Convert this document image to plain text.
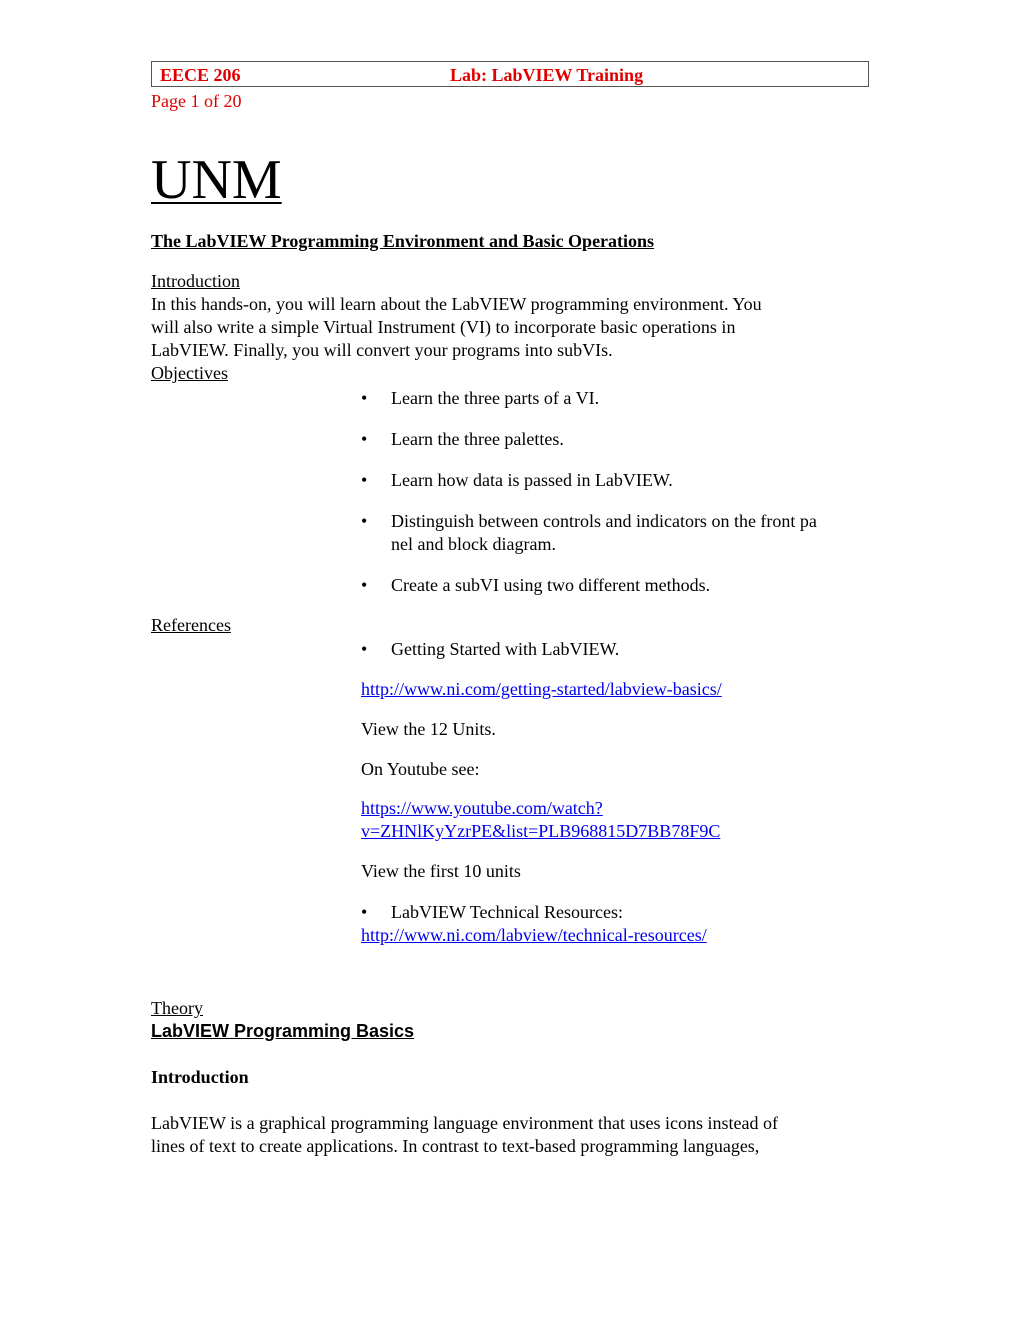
EECE 206	Lab: LabVIEW Training
Page 1 of 20
UNM
The LabVIEW Programming Environment and Basic Operations
Introduction
In this hands-on, you will learn about the LabVIEW programming environment. You
will also write a simple Virtual Instrument (VI) to incorporate basic operations in
LabVIEW. Finally, you will convert your programs into subVIs.
Objectives
• Learn the three parts of a VI.
• Learn the three palettes.
• Learn how data is passed in LabVIEW.
• Distinguish between controls and indicators on the front pa
nel and block diagram.
• Create a subVI using two different methods.
References
• Getting Started with LabVIEW.
http://www.ni.com/getting-started/labview-basics/
View the 12 Units.
On Youtube see:
https://www.youtube.com/watch?
v=ZHNlKyYzrPE&list=PLB968815D7BB78F9C
View the first 10 units
• LabVIEW Technical Resources:
http://www.ni.com/labview/technical-resources/
Theory
LabVIEW Programming Basics
Introduction
LabVIEW is a graphical programming language environment that uses icons instead of
lines of text to create applications. In contrast to text-based programming languages,
